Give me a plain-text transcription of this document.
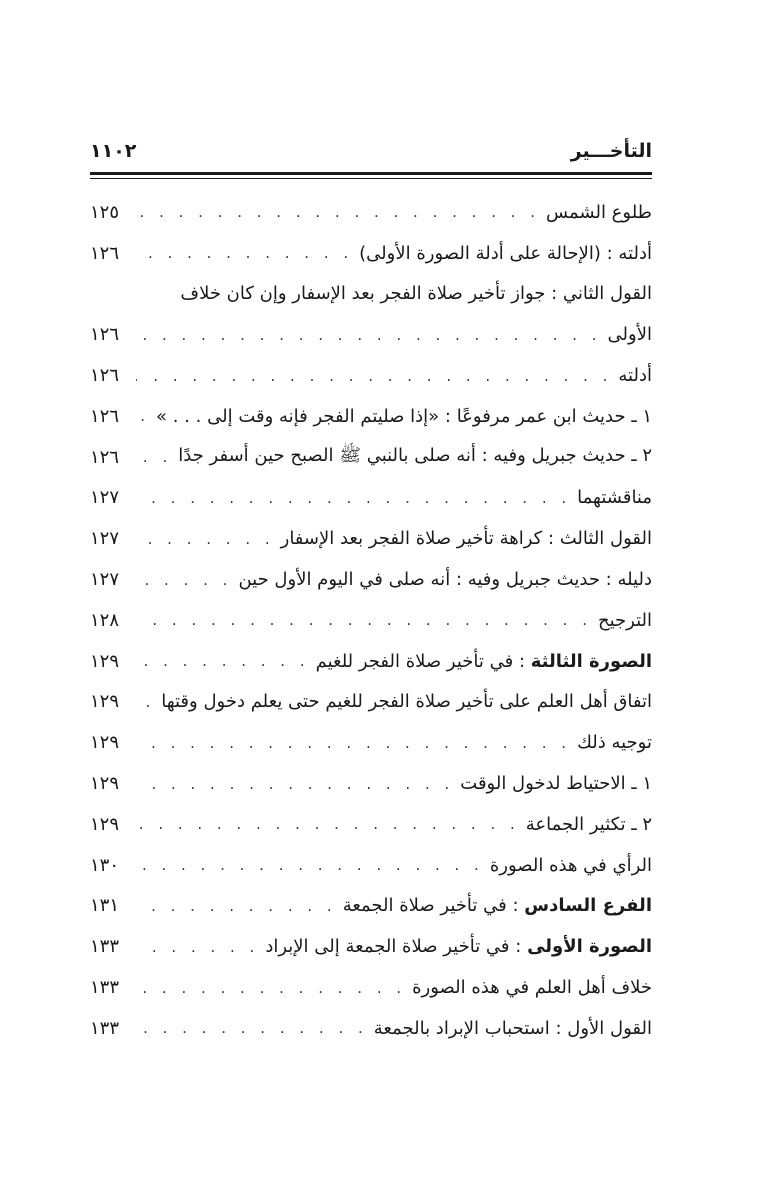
التأخـــير
١١٠٢
طلوع الشمس
. . .
١٢٥
أدلته : (الإحالة على أدلة الصورة الأولى)
. . .
١٢٦
القول الثاني : جواز تأخير صلاة الفجر بعد الإسفار وإن كان خلاف
الأولى
. . .
١٢٦
أدلته
. . .
١٢٦
١ ـ حديث ابن عمر مرفوعًا : «إذا صليتم الفجر فإنه وقت إلى . . . »
. . .
١٢٦
٢ ـ حديث جبريل وفيه : أنه صلى بالنبي ﷺ الصبح حين أسفر جدًا
. . .
١٢٦
مناقشتهما
. . .
١٢٧
القول الثالث : كراهة تأخير صلاة الفجر بعد الإسفار
. . .
١٢٧
دليله : حديث جبريل وفيه : أنه صلى في اليوم الأول حين
. . .
١٢٧
الترجيح
. . .
١٢٨
الصورة الثالثة : في تأخير صلاة الفجر للغيم
. . .
١٢٩
اتفاق أهل العلم على تأخير صلاة الفجر للغيم حتى يعلم دخول وقتها
. . .
١٢٩
توجيه ذلك
. . .
١٢٩
١ ـ الاحتياط لدخول الوقت
. . .
١٢٩
٢ ـ تكثير الجماعة
. . .
١٢٩
الرأي في هذه الصورة
. . .
١٣٠
الفرع السادس : في تأخير صلاة الجمعة
. . .
١٣١
الصورة الأولى : في تأخير صلاة الجمعة إلى الإبراد
. . .
١٣٣
خلاف أهل العلم في هذه الصورة
. . .
١٣٣
القول الأول : استحباب الإبراد بالجمعة
. . .
١٣٣
